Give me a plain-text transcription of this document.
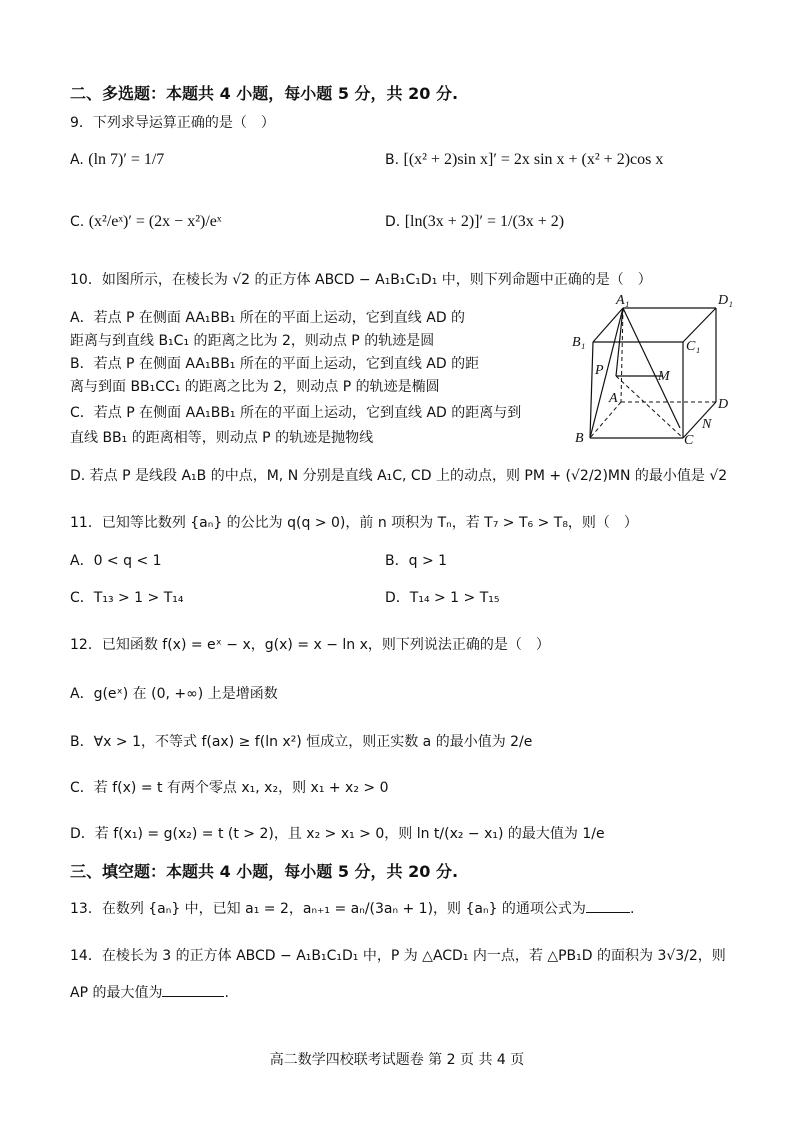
二、多选题：本题共 4 小题，每小题 5 分，共 20 分.
9．下列求导运算正确的是（　）
A. (ln 7)′ = 1/7	B. [(x² + 2)sin x]′ = 2x sin x + (x² + 2)cos x
C. (x²/eˣ)′ = (2x − x²)/eˣ	D. [ln(3x + 2)]′ = 1/(3x + 2)
10．如图所示，在棱长为 √2 的正方体 ABCD − A₁B₁C₁D₁ 中，则下列命题中正确的是（　）
A．若点 P 在侧面 AA₁BB₁ 所在的平面上运动，它到直线 AD 的
距离与到直线 B₁C₁ 的距离之比为 2，则动点 P 的轨迹是圆
B．若点 P 在侧面 AA₁BB₁ 所在的平面上运动，它到直线 AD 的距
离与到面 BB₁CC₁ 的距离之比为 2，则动点 P 的轨迹是椭圆
C．若点 P 在侧面 AA₁BB₁ 所在的平面上运动，它到直线 AD 的距离与到
直线 BB₁ 的距离相等，则动点 P 的轨迹是抛物线
D. 若点 P 是线段 A₁B 的中点，M, N 分别是直线 A₁C, CD 上的动点，则 PM + (√2/2)MN 的最小值是 √2
A₁	D₁
B₁	C₁
P	M
A	D
N
B	C
11．已知等比数列 {aₙ} 的公比为 q(q > 0)，前 n 项积为 Tₙ，若 T₇ > T₆ > T₈，则（　）
A．0 < q < 1	B．q > 1
C．T₁₃ > 1 > T₁₄	D．T₁₄ > 1 > T₁₅
12．已知函数 f(x) = eˣ − x，g(x) = x − ln x，则下列说法正确的是（　）
A．g(eˣ) 在 (0, +∞) 上是增函数
B．∀x > 1，不等式 f(ax) ≥ f(ln x²) 恒成立，则正实数 a 的最小值为 2/e
C．若 f(x) = t 有两个零点 x₁, x₂，则 x₁ + x₂ > 0
D．若 f(x₁) = g(x₂) = t (t > 2)，且 x₂ > x₁ > 0，则 ln t/(x₂ − x₁) 的最大值为 1/e
三、填空题：本题共 4 小题，每小题 5 分，共 20 分.
13．在数列 {aₙ} 中，已知 a₁ = 2，aₙ₊₁ = aₙ/(3aₙ + 1)，则 {aₙ} 的通项公式为	.
14．在棱长为 3 的正方体 ABCD − A₁B₁C₁D₁ 中，P 为 △ACD₁ 内一点，若 △PB₁D 的面积为 3√3/2，则
AP 的最大值为	.
高二数学四校联考试题卷 第 2 页 共 4 页
